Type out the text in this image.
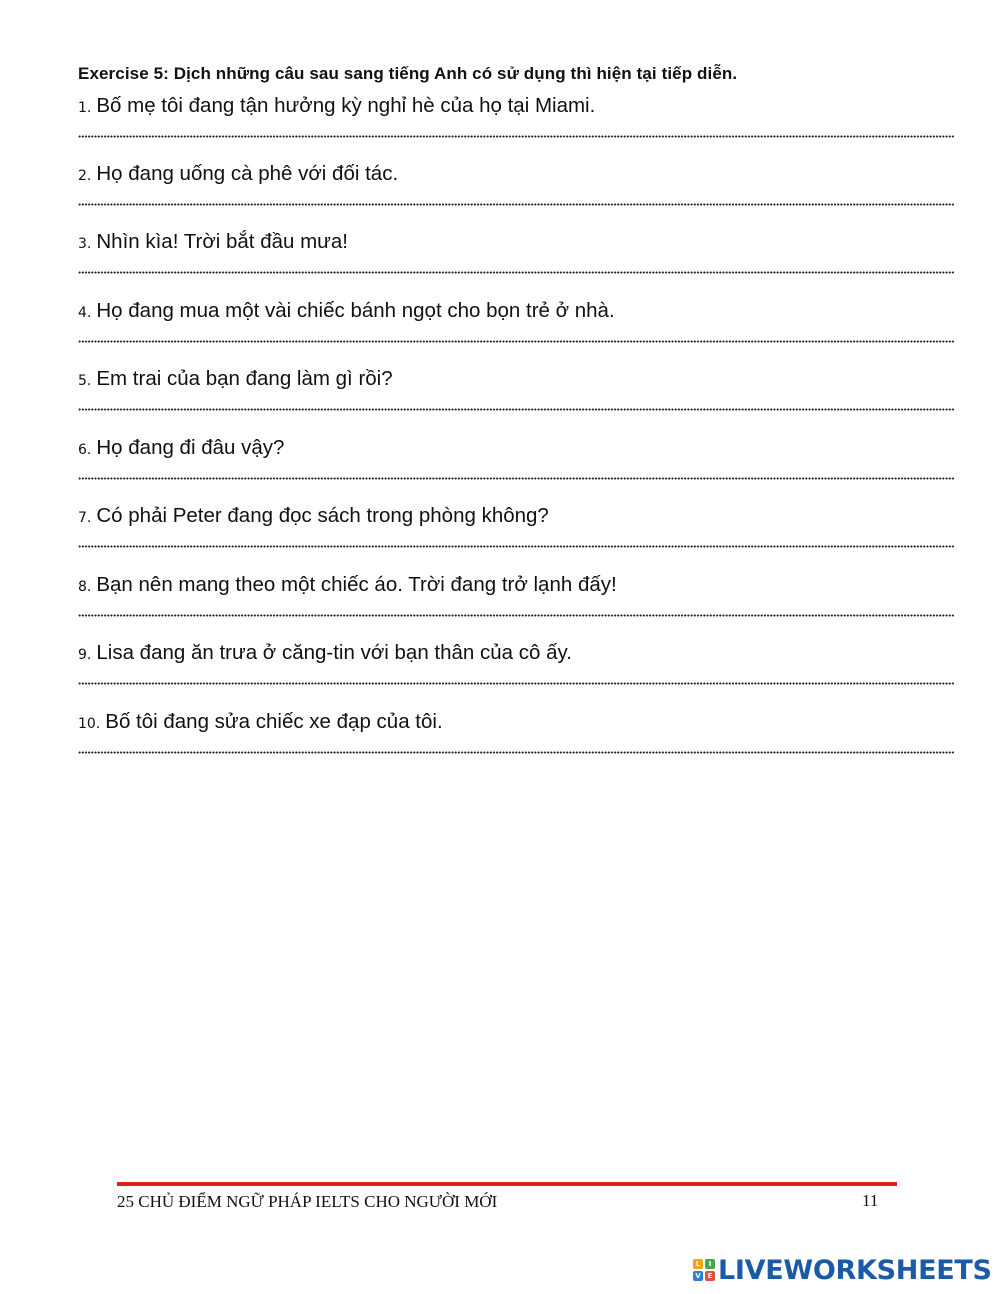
Exercise 5: Dịch những câu sau sang tiếng Anh có sử dụng thì hiện tại tiếp diễn.
1. Bố mẹ tôi đang tận hưởng kỳ nghỉ hè của họ tại Miami.
2. Họ đang uống cà phê với đối tác.
3. Nhìn kìa! Trời bắt đầu mưa!
4. Họ đang mua một vài chiếc bánh ngọt cho bọn trẻ ở nhà.
5. Em trai của bạn đang làm gì rồi?
6. Họ đang đi đâu vậy?
7. Có phải Peter đang đọc sách trong phòng không?
8. Bạn nên mang theo một chiếc áo. Trời đang trở lạnh đấy!
9. Lisa đang ăn trưa ở căng-tin với bạn thân của cô ấy.
10. Bố tôi đang sửa chiếc xe đạp của tôi.
25 CHỦ ĐIỂM NGỮ PHÁP IELTS CHO NGƯỜI MỚI	11
L	I
V E LIVEWORKSHEETS
